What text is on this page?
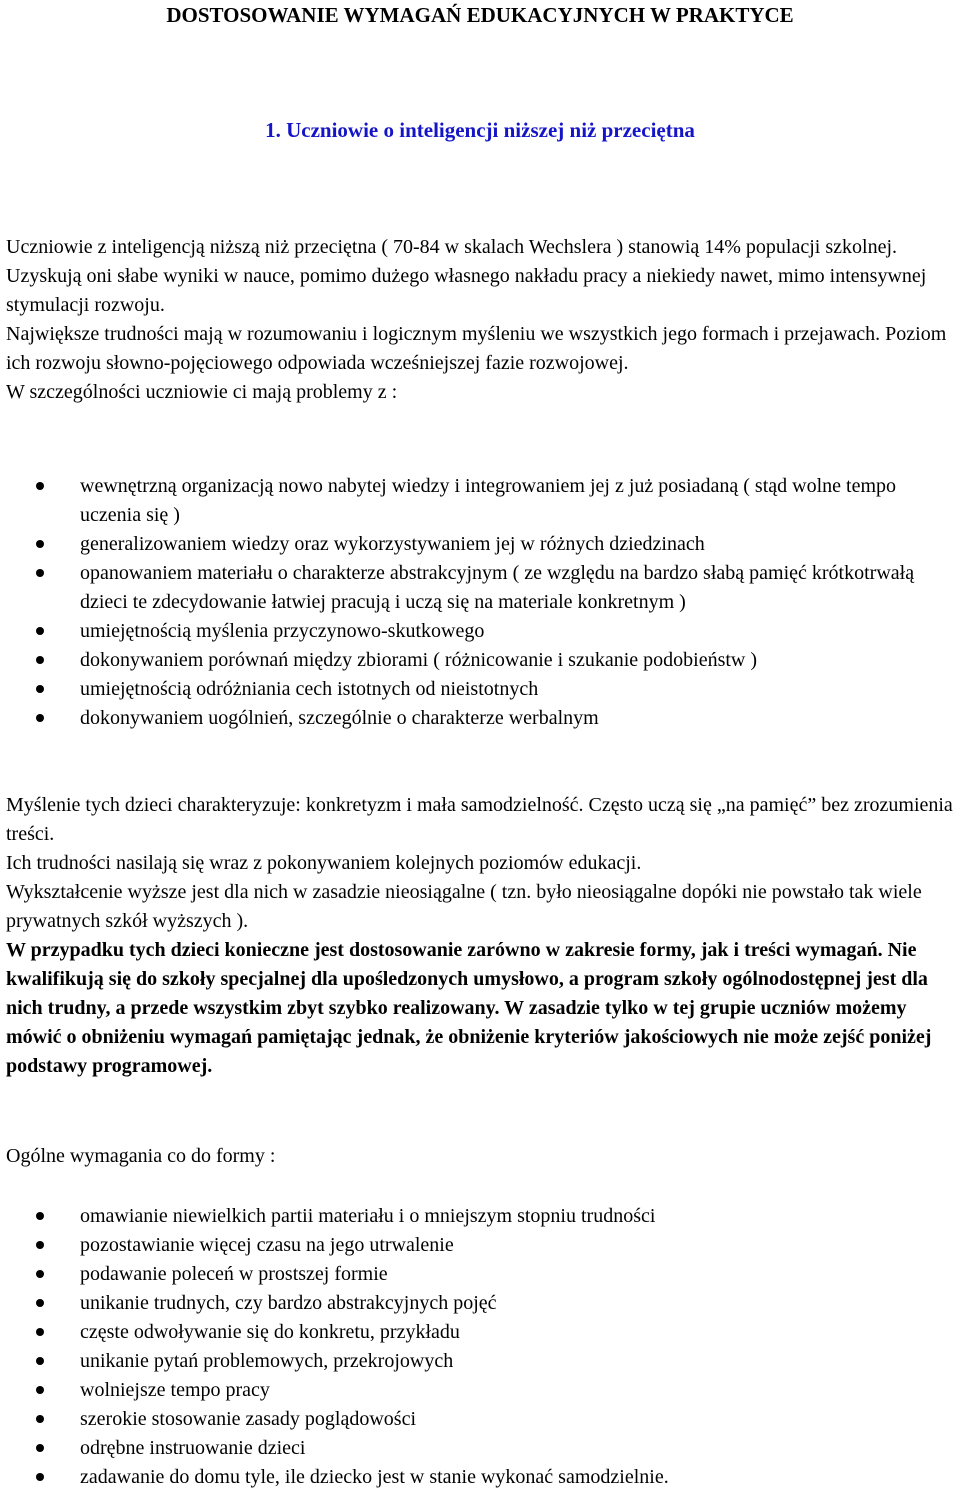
DOSTOSOWANIE WYMAGAŃ EDUKACYJNYCH W PRAKTYCE
1. Uczniowie o inteligencji niższej niż przeciętna

Uczniowie z inteligencją niższą niż przeciętna ( 70-84 w skalach Wechslera ) stanowią 14% populacji szkolnej. Uzyskują oni słabe wyniki w nauce, pomimo dużego własnego nakładu pracy a niekiedy nawet, mimo intensywnej stymulacji rozwoju.

Największe trudności mają w rozumowaniu i logicznym myśleniu we wszystkich jego formach i przejawach. Poziom ich rozwoju słowno-pojęciowego odpowiada wcześniejszej fazie rozwojowej.

W szczególności uczniowie ci mają problemy z :

wewnętrzną organizacją nowo nabytej wiedzy i integrowaniem jej z już posiadaną ( stąd wolne tempo uczenia się )
generalizowaniem wiedzy oraz wykorzystywaniem jej w różnych dziedzinach
opanowaniem materiału o charakterze abstrakcyjnym ( ze względu na bardzo słabą pamięć krótkotrwałą dzieci te zdecydowanie łatwiej pracują i uczą się na materiale konkretnym )
umiejętnością myślenia przyczynowo-skutkowego
dokonywaniem porównań między zbiorami ( różnicowanie i szukanie podobieństw )
umiejętnością odróżniania cech istotnych od nieistotnych
dokonywaniem uogólnień, szczególnie o charakterze werbalnym

Myślenie tych dzieci charakteryzuje: konkretyzm i mała samodzielność. Często uczą się „na pamięć” bez zrozumienia treści.

Ich trudności nasilają się wraz z pokonywaniem kolejnych poziomów edukacji.

Wykształcenie wyższe jest dla nich w zasadzie nieosiągalne ( tzn. było nieosiągalne dopóki nie powstało tak wiele prywatnych szkół wyższych ).

W przypadku tych dzieci konieczne jest dostosowanie zarówno w zakresie formy, jak i treści wymagań. Nie kwalifikują się do szkoły specjalnej dla upośledzonych umysłowo, a program szkoły ogólnodostępnej jest dla nich trudny, a przede wszystkim zbyt szybko realizowany. W zasadzie tylko w tej grupie uczniów możemy mówić o obniżeniu wymagań pamiętając jednak, że obniżenie kryteriów jakościowych nie może zejść poniżej podstawy programowej.

Ogólne wymagania co do formy :

omawianie niewielkich partii materiału i o mniejszym stopniu trudności
pozostawianie więcej czasu na jego utrwalenie
podawanie poleceń w prostszej formie
unikanie trudnych, czy bardzo abstrakcyjnych pojęć
częste odwoływanie się do konkretu, przykładu
unikanie pytań problemowych, przekrojowych
wolniejsze tempo pracy
szerokie stosowanie zasady poglądowości
odrębne instruowanie dzieci
zadawanie do domu tyle, ile dziecko jest w stanie wykonać samodzielnie.
